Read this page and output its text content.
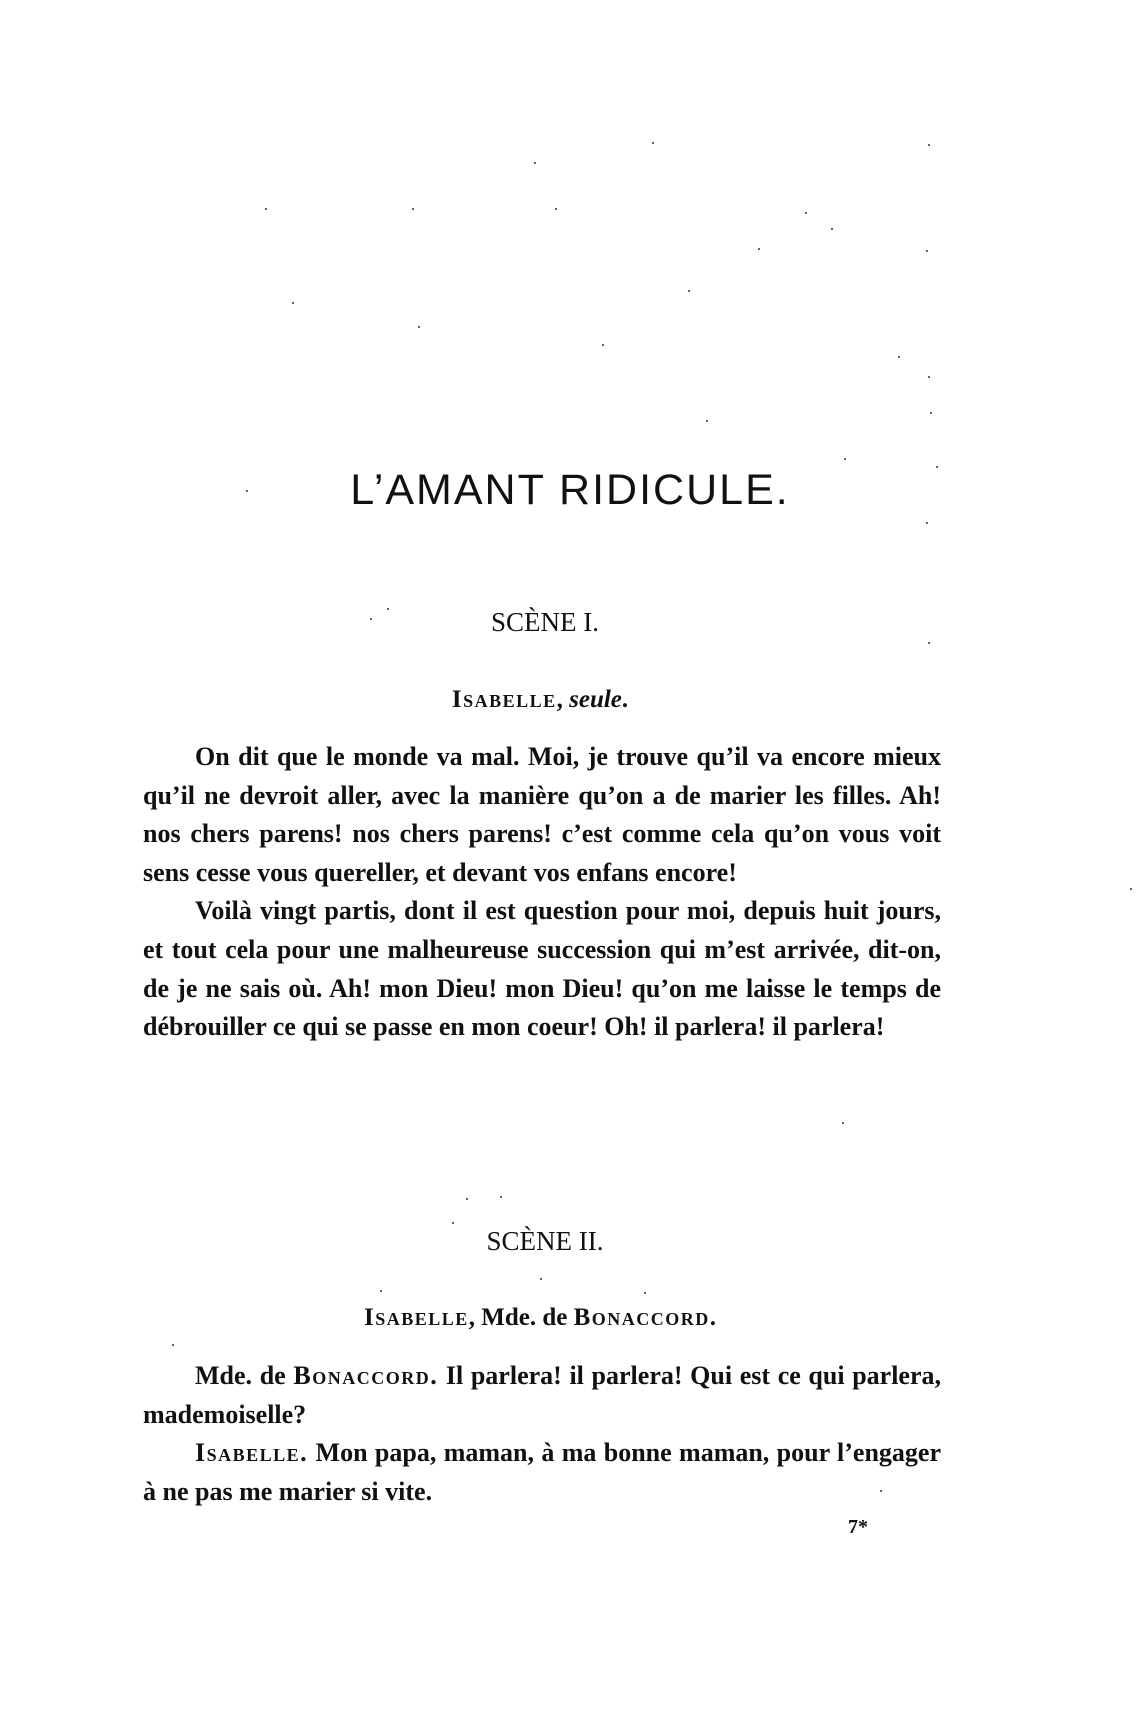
L’AMANT RIDICULE.
SCÈNE I.
Isabelle, seule.

On dit que le monde va mal. Moi, je trouve qu’il va encore mieux qu’il ne devroit aller, avec la manière qu’on a de marier les filles. Ah! nos chers parens! nos chers parens! c’est comme cela qu’on vous voit sens cesse vous quereller, et devant vos enfans encore!

Voilà vingt partis, dont il est question pour moi, depuis huit jours, et tout cela pour une malheureuse succession qui m’est arrivée, dit-on, de je ne sais où. Ah! mon Dieu! mon Dieu! qu’on me laisse le temps de débrouiller ce qui se passe en mon coeur! Oh! il parlera! il parlera!

SCÈNE II.
Isabelle, Mde. de Bonaccord.

Mde. de Bonaccord. Il parlera! il parlera! Qui est ce qui parlera, mademoiselle?

Isabelle. Mon papa, maman, à ma bonne maman, pour l’engager à ne pas me marier si vite.

7*
